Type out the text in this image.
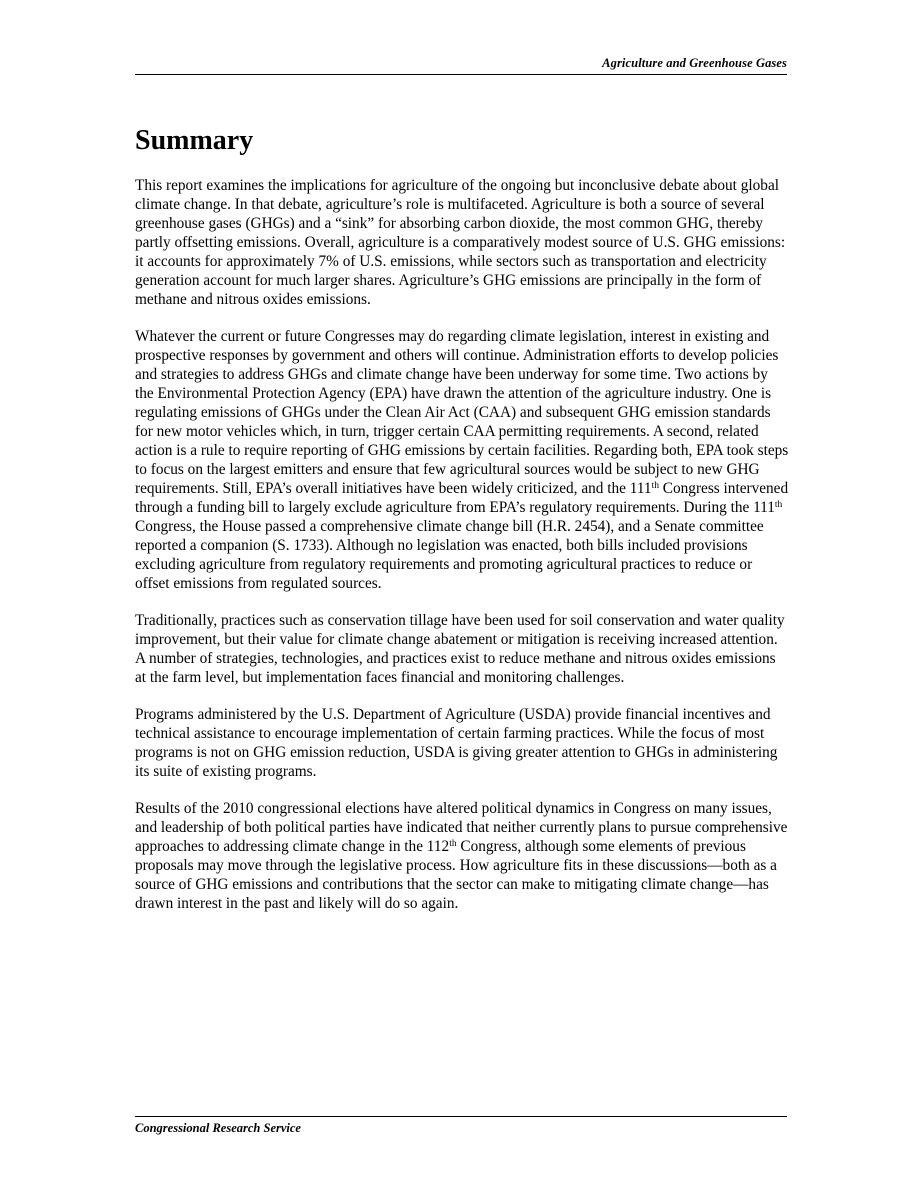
Agriculture and Greenhouse Gases
Summary

This report examines the implications for agriculture of the ongoing but inconclusive debate about global climate change. In that debate, agriculture’s role is multifaceted. Agriculture is both a source of several greenhouse gases (GHGs) and a “sink” for absorbing carbon dioxide, the most common GHG, thereby partly offsetting emissions. Overall, agriculture is a comparatively modest source of U.S. GHG emissions: it accounts for approximately 7% of U.S. emissions, while sectors such as transportation and electricity generation account for much larger shares. Agriculture’s GHG emissions are principally in the form of methane and nitrous oxides emissions.

Whatever the current or future Congresses may do regarding climate legislation, interest in existing and prospective responses by government and others will continue. Administration efforts to develop policies and strategies to address GHGs and climate change have been underway for some time. Two actions by the Environmental Protection Agency (EPA) have drawn the attention of the agriculture industry. One is regulating emissions of GHGs under the Clean Air Act (CAA) and subsequent GHG emission standards for new motor vehicles which, in turn, trigger certain CAA permitting requirements. A second, related action is a rule to require reporting of GHG emissions by certain facilities. Regarding both, EPA took steps to focus on the largest emitters and ensure that few agricultural sources would be subject to new GHG requirements. Still, EPA’s overall initiatives have been widely criticized, and the 111th Congress intervened through a funding bill to largely exclude agriculture from EPA’s regulatory requirements. During the 111th Congress, the House passed a comprehensive climate change bill (H.R. 2454), and a Senate committee reported a companion (S. 1733). Although no legislation was enacted, both bills included provisions excluding agriculture from regulatory requirements and promoting agricultural practices to reduce or offset emissions from regulated sources.

Traditionally, practices such as conservation tillage have been used for soil conservation and water quality improvement, but their value for climate change abatement or mitigation is receiving increased attention. A number of strategies, technologies, and practices exist to reduce methane and nitrous oxides emissions at the farm level, but implementation faces financial and monitoring challenges.

Programs administered by the U.S. Department of Agriculture (USDA) provide financial incentives and technical assistance to encourage implementation of certain farming practices. While the focus of most programs is not on GHG emission reduction, USDA is giving greater attention to GHGs in administering its suite of existing programs.

Results of the 2010 congressional elections have altered political dynamics in Congress on many issues, and leadership of both political parties have indicated that neither currently plans to pursue comprehensive approaches to addressing climate change in the 112th Congress, although some elements of previous proposals may move through the legislative process. How agriculture fits in these discussions—both as a source of GHG emissions and contributions that the sector can make to mitigating climate change—has drawn interest in the past and likely will do so again.

Congressional Research Service
